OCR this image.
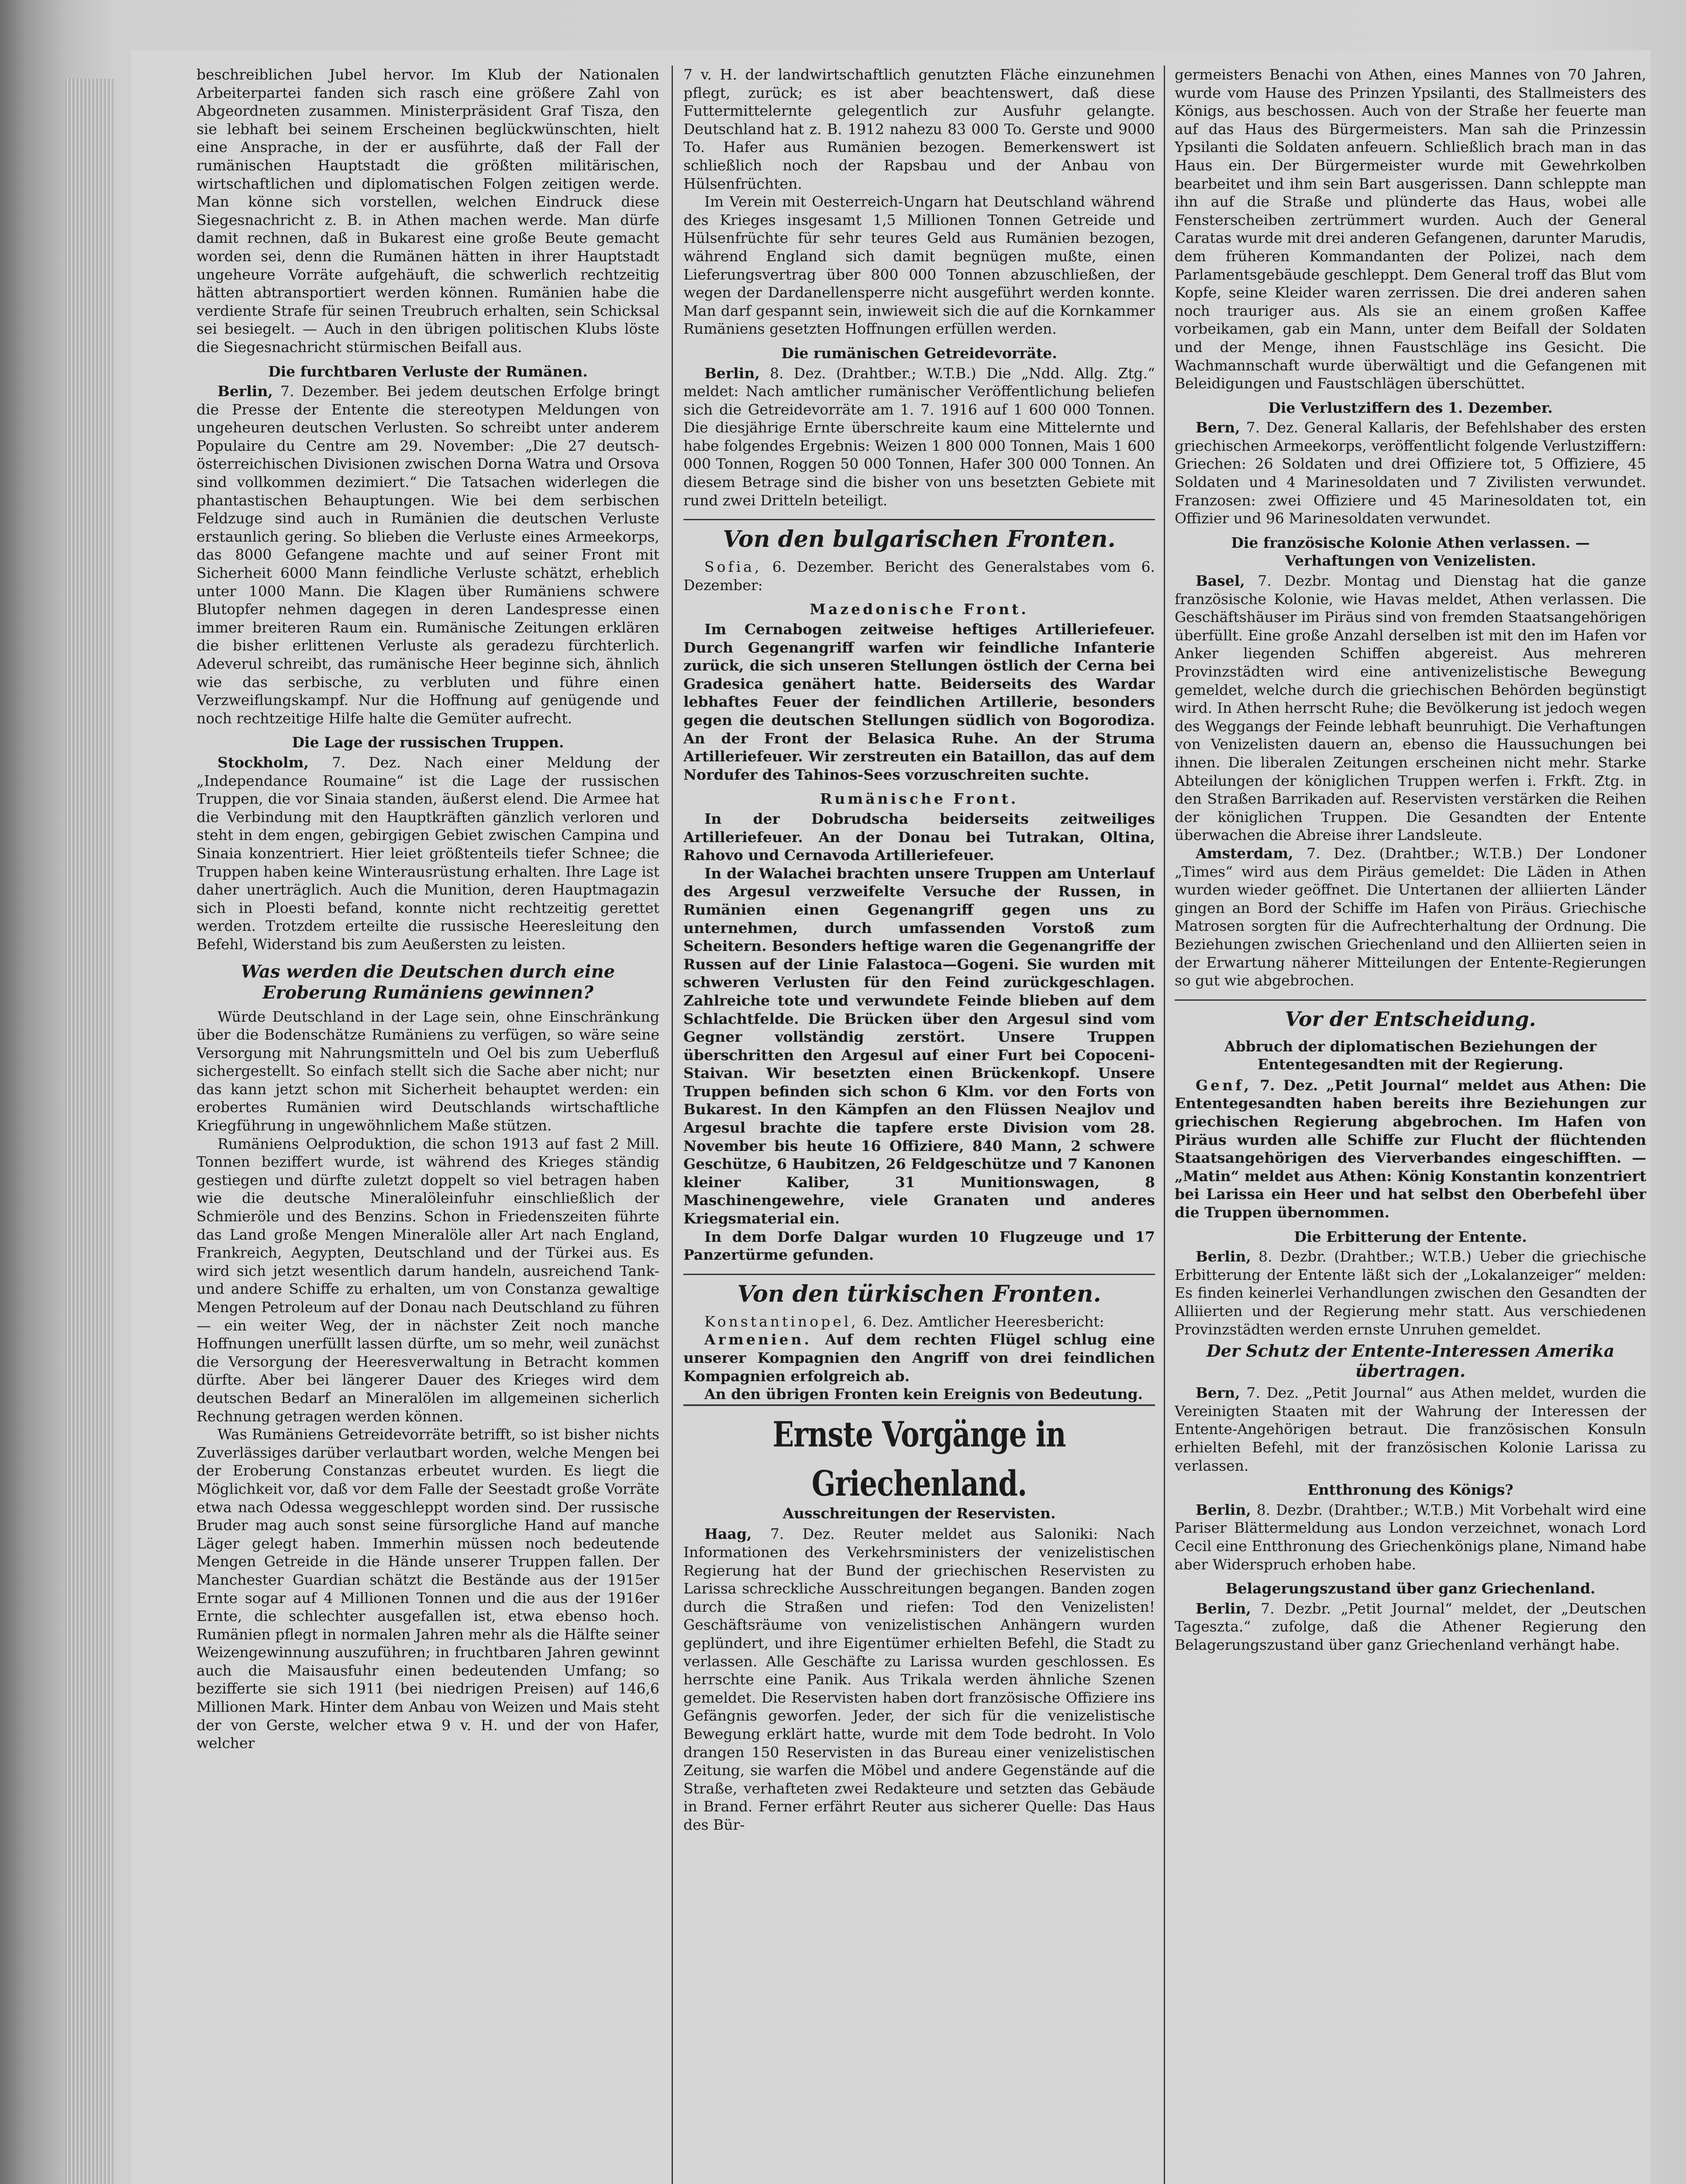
beschreiblichen Jubel hervor. Im Klub der Nationalen Arbeiterpartei fanden sich rasch eine größere Zahl von Abgeordneten zusammen. Ministerpräsident Graf Tisza, den sie lebhaft bei seinem Erscheinen beglückwünschten, hielt eine Ansprache, in der er ausführte, daß der Fall der rumänischen Hauptstadt die größten militärischen, wirtschaftlichen und diplomatischen Folgen zeitigen werde. Man könne sich vorstellen, welchen Eindruck diese Siegesnachricht z. B. in Athen machen werde. Man dürfe damit rechnen, daß in Bukarest eine große Beute gemacht worden sei, denn die Rumänen hätten in ihrer Hauptstadt ungeheure Vorräte aufgehäuft, die schwerlich rechtzeitig hätten abtransportiert werden können. Rumänien habe die verdiente Strafe für seinen Treubruch erhalten, sein Schicksal sei besiegelt. — Auch in den übrigen politischen Klubs löste die Siegesnachricht stürmischen Beifall aus.

Die furchtbaren Verluste der Rumänen.

Berlin, 7. Dezember. Bei jedem deutschen Erfolge bringt die Presse der Entente die stereotypen Meldungen von ungeheuren deutschen Verlusten. So schreibt unter anderem Populaire du Centre am 29. November: „Die 27 deutsch-österreichischen Divisionen zwischen Dorna Watra und Orsova sind vollkommen dezimiert.“ Die Tatsachen widerlegen die phantastischen Behauptungen. Wie bei dem serbischen Feldzuge sind auch in Rumänien die deutschen Verluste erstaunlich gering. So blieben die Verluste eines Armeekorps, das 8000 Gefangene machte und auf seiner Front mit Sicherheit 6000 Mann feindliche Verluste schätzt, erheblich unter 1000 Mann. Die Klagen über Rumäniens schwere Blutopfer nehmen dagegen in deren Landespresse einen immer breiteren Raum ein. Rumänische Zeitungen erklären die bisher erlittenen Verluste als geradezu fürchterlich. Adeverul schreibt, das rumänische Heer beginne sich, ähnlich wie das serbische, zu verbluten und führe einen Verzweiflungskampf. Nur die Hoffnung auf genügende und noch rechtzeitige Hilfe halte die Gemüter aufrecht.

Die Lage der russischen Truppen.

Stockholm, 7. Dez. Nach einer Meldung der „Independance Roumaine“ ist die Lage der russischen Truppen, die vor Sinaia standen, äußerst elend. Die Armee hat die Verbindung mit den Hauptkräften gänzlich verloren und steht in dem engen, gebirgigen Gebiet zwischen Campina und Sinaia konzentriert. Hier leiet größtenteils tiefer Schnee; die Truppen haben keine Winterausrüstung erhalten. Ihre Lage ist daher unerträglich. Auch die Munition, deren Hauptmagazin sich in Ploesti befand, konnte nicht rechtzeitig gerettet werden. Trotzdem erteilte die russische Heeresleitung den Befehl, Widerstand bis zum Aeußersten zu leisten.

Was werden die Deutschen durch eine Eroberung Rumäniens gewinnen?

Würde Deutschland in der Lage sein, ohne Einschränkung über die Bodenschätze Rumäniens zu verfügen, so wäre seine Versorgung mit Nahrungsmitteln und Oel bis zum Ueberfluß sichergestellt. So einfach stellt sich die Sache aber nicht; nur das kann jetzt schon mit Sicherheit behauptet werden: ein erobertes Rumänien wird Deutschlands wirtschaftliche Kriegführung in ungewöhnlichem Maße stützen.

Rumäniens Oelproduktion, die schon 1913 auf fast 2 Mill. Tonnen beziffert wurde, ist während des Krieges ständig gestiegen und dürfte zuletzt doppelt so viel betragen haben wie die deutsche Mineralöleinfuhr einschließlich der Schmieröle und des Benzins. Schon in Friedenszeiten führte das Land große Mengen Mineralöle aller Art nach England, Frankreich, Aegypten, Deutschland und der Türkei aus. Es wird sich jetzt wesentlich darum handeln, ausreichend Tank- und andere Schiffe zu erhalten, um von Constanza gewaltige Mengen Petroleum auf der Donau nach Deutschland zu führen — ein weiter Weg, der in nächster Zeit noch manche Hoffnungen unerfüllt lassen dürfte, um so mehr, weil zunächst die Versorgung der Heeresverwaltung in Betracht kommen dürfte. Aber bei längerer Dauer des Krieges wird dem deutschen Bedarf an Mineralölen im allgemeinen sicherlich Rechnung getragen werden können.

Was Rumäniens Getreidevorräte betrifft, so ist bisher nichts Zuverlässiges darüber verlautbart worden, welche Mengen bei der Eroberung Constanzas erbeutet wurden. Es liegt die Möglichkeit vor, daß vor dem Falle der Seestadt große Vorräte etwa nach Odessa weggeschleppt worden sind. Der russische Bruder mag auch sonst seine fürsorgliche Hand auf manche Läger gelegt haben. Immerhin müssen noch bedeutende Mengen Getreide in die Hände unserer Truppen fallen. Der Manchester Guardian schätzt die Bestände aus der 1915er Ernte sogar auf 4 Millionen Tonnen und die aus der 1916er Ernte, die schlechter ausgefallen ist, etwa ebenso hoch. Rumänien pflegt in normalen Jahren mehr als die Hälfte seiner Weizengewinnung auszuführen; in fruchtbaren Jahren gewinnt auch die Maisausfuhr einen bedeutenden Umfang; so bezifferte sie sich 1911 (bei niedrigen Preisen) auf 146,6 Millionen Mark. Hinter dem Anbau von Weizen und Mais steht der von Gerste, welcher etwa 9 v. H. und der von Hafer, welcher

7 v. H. der landwirtschaftlich genutzten Fläche einzunehmen pflegt, zurück; es ist aber beachtenswert, daß diese Futtermittelernte gelegentlich zur Ausfuhr gelangte. Deutschland hat z. B. 1912 nahezu 83 000 To. Gerste und 9000 To. Hafer aus Rumänien bezogen. Bemerkenswert ist schließlich noch der Rapsbau und der Anbau von Hülsenfrüchten.

Im Verein mit Oesterreich-Ungarn hat Deutschland während des Krieges insgesamt 1,5 Millionen Tonnen Getreide und Hülsenfrüchte für sehr teures Geld aus Rumänien bezogen, während England sich damit begnügen mußte, einen Lieferungsvertrag über 800 000 Tonnen abzuschließen, der wegen der Dardanellensperre nicht ausgeführt werden konnte. Man darf gespannt sein, inwieweit sich die auf die Kornkammer Rumäniens gesetzten Hoffnungen erfüllen werden.

Die rumänischen Getreidevorräte.

Berlin, 8. Dez. (Drahtber.; W.T.B.) Die „Ndd. Allg. Ztg.“ meldet: Nach amtlicher rumänischer Veröffentlichung beliefen sich die Getreidevorräte am 1. 7. 1916 auf 1 600 000 Tonnen. Die diesjährige Ernte überschreite kaum eine Mittelernte und habe folgendes Ergebnis: Weizen 1 800 000 Tonnen, Mais 1 600 000 Tonnen, Roggen 50 000 Tonnen, Hafer 300 000 Tonnen. An diesem Betrage sind die bisher von uns besetzten Gebiete mit rund zwei Dritteln beteiligt.

Von den bulgarischen Fronten.

Sofia, 6. Dezember. Bericht des Generalstabes vom 6. Dezember:

Mazedonische Front.

Im Cernabogen zeitweise heftiges Artilleriefeuer. Durch Gegenangriff warfen wir feindliche Infanterie zurück, die sich unseren Stellungen östlich der Cerna bei Gradesica genähert hatte. Beiderseits des Wardar lebhaftes Feuer der feindlichen Artillerie, besonders gegen die deutschen Stellungen südlich von Bogorodiza. An der Front der Belasica Ruhe. An der Struma Artilleriefeuer. Wir zerstreuten ein Bataillon, das auf dem Nordufer des Tahinos-Sees vorzuschreiten suchte.

Rumänische Front.

In der Dobrudscha beiderseits zeitweiliges Artilleriefeuer. An der Donau bei Tutrakan, Oltina, Rahovo und Cernavoda Artilleriefeuer.

In der Walachei brachten unsere Truppen am Unterlauf des Argesul verzweifelte Versuche der Russen, in Rumänien einen Gegenangriff gegen uns zu unternehmen, durch umfassenden Vorstoß zum Scheitern. Besonders heftige waren die Gegenangriffe der Russen auf der Linie Falastoca—Gogeni. Sie wurden mit schweren Verlusten für den Feind zurückgeschlagen. Zahlreiche tote und verwundete Feinde blieben auf dem Schlachtfelde. Die Brücken über den Argesul sind vom Gegner vollständig zerstört. Unsere Truppen überschritten den Argesul auf einer Furt bei Copoceni-Staivan. Wir besetzten einen Brückenkopf. Unsere Truppen befinden sich schon 6 Klm. vor den Forts von Bukarest. In den Kämpfen an den Flüssen Neajlov und Argesul brachte die tapfere erste Division vom 28. November bis heute 16 Offiziere, 840 Mann, 2 schwere Geschütze, 6 Haubitzen, 26 Feldgeschütze und 7 Kanonen kleiner Kaliber, 31 Munitionswagen, 8 Maschinengewehre, viele Granaten und anderes Kriegsmaterial ein.

In dem Dorfe Dalgar wurden 10 Flugzeuge und 17 Panzertürme gefunden.

Von den türkischen Fronten.

Konstantinopel, 6. Dez. Amtlicher Heeresbericht:

Armenien. Auf dem rechten Flügel schlug eine unserer Kompagnien den Angriff von drei feindlichen Kompagnien erfolgreich ab.

An den übrigen Fronten kein Ereignis von Bedeutung.

Ernste Vorgänge in Griechenland.
Ausschreitungen der Reservisten.

Haag, 7. Dez. Reuter meldet aus Saloniki: Nach Informationen des Verkehrsministers der venizelistischen Regierung hat der Bund der griechischen Reservisten zu Larissa schreckliche Ausschreitungen begangen. Banden zogen durch die Straßen und riefen: Tod den Venizelisten! Geschäftsräume von venizelistischen Anhängern wurden geplündert, und ihre Eigentümer erhielten Befehl, die Stadt zu verlassen. Alle Geschäfte zu Larissa wurden geschlossen. Es herrschte eine Panik. Aus Trikala werden ähnliche Szenen gemeldet. Die Reservisten haben dort französische Offiziere ins Gefängnis geworfen. Jeder, der sich für die venizelistische Bewegung erklärt hatte, wurde mit dem Tode bedroht. In Volo drangen 150 Reservisten in das Bureau einer venizelistischen Zeitung, sie warfen die Möbel und andere Gegenstände auf die Straße, verhafteten zwei Redakteure und setzten das Gebäude in Brand. Ferner erfährt Reuter aus sicherer Quelle: Das Haus des Bür-

germeisters Benachi von Athen, eines Mannes von 70 Jahren, wurde vom Hause des Prinzen Ypsilanti, des Stallmeisters des Königs, aus beschossen. Auch von der Straße her feuerte man auf das Haus des Bürgermeisters. Man sah die Prinzessin Ypsilanti die Soldaten anfeuern. Schließlich brach man in das Haus ein. Der Bürgermeister wurde mit Gewehrkolben bearbeitet und ihm sein Bart ausgerissen. Dann schleppte man ihn auf die Straße und plünderte das Haus, wobei alle Fensterscheiben zertrümmert wurden. Auch der General Caratas wurde mit drei anderen Gefangenen, darunter Marudis, dem früheren Kommandanten der Polizei, nach dem Parlamentsgebäude geschleppt. Dem General troff das Blut vom Kopfe, seine Kleider waren zerrissen. Die drei anderen sahen noch trauriger aus. Als sie an einem großen Kaffee vorbeikamen, gab ein Mann, unter dem Beifall der Soldaten und der Menge, ihnen Faustschläge ins Gesicht. Die Wachmannschaft wurde überwältigt und die Gefangenen mit Beleidigungen und Faustschlägen überschüttet.

Die Verlustziffern des 1. Dezember.

Bern, 7. Dez. General Kallaris, der Befehlshaber des ersten griechischen Armeekorps, veröffentlicht folgende Verlustziffern: Griechen: 26 Soldaten und drei Offiziere tot, 5 Offiziere, 45 Soldaten und 4 Marinesoldaten und 7 Zivilisten verwundet. Franzosen: zwei Offiziere und 45 Marinesoldaten tot, ein Offizier und 96 Marinesoldaten verwundet.

Die französische Kolonie Athen verlassen. — Verhaftungen von Venizelisten.

Basel, 7. Dezbr. Montag und Dienstag hat die ganze französische Kolonie, wie Havas meldet, Athen verlassen. Die Geschäftshäuser im Piräus sind von fremden Staatsangehörigen überfüllt. Eine große Anzahl derselben ist mit den im Hafen vor Anker liegenden Schiffen abgereist. Aus mehreren Provinzstädten wird eine antivenizelistische Bewegung gemeldet, welche durch die griechischen Behörden begünstigt wird. In Athen herrscht Ruhe; die Bevölkerung ist jedoch wegen des Weggangs der Feinde lebhaft beunruhigt. Die Verhaftungen von Venizelisten dauern an, ebenso die Haussuchungen bei ihnen. Die liberalen Zeitungen erscheinen nicht mehr. Starke Abteilungen der königlichen Truppen werfen i. Frkft. Ztg. in den Straßen Barrikaden auf. Reservisten verstärken die Reihen der königlichen Truppen. Die Gesandten der Entente überwachen die Abreise ihrer Landsleute.

Amsterdam, 7. Dez. (Drahtber.; W.T.B.) Der Londoner „Times“ wird aus dem Piräus gemeldet: Die Läden in Athen wurden wieder geöffnet. Die Untertanen der alliierten Länder gingen an Bord der Schiffe im Hafen von Piräus. Griechische Matrosen sorgten für die Aufrechterhaltung der Ordnung. Die Beziehungen zwischen Griechenland und den Alliierten seien in der Erwartung näherer Mitteilungen der Entente-Regierungen so gut wie abgebrochen.

Vor der Entscheidung.
Abbruch der diplomatischen Beziehungen der Ententegesandten mit der Regierung.

Genf, 7. Dez. „Petit Journal“ meldet aus Athen: Die Ententegesandten haben bereits ihre Beziehungen zur griechischen Regierung abgebrochen. Im Hafen von Piräus wurden alle Schiffe zur Flucht der flüchtenden Staatsangehörigen des Vierverbandes eingeschifften. — „Matin“ meldet aus Athen: König Konstantin konzentriert bei Larissa ein Heer und hat selbst den Oberbefehl über die Truppen übernommen.

Die Erbitterung der Entente.

Berlin, 8. Dezbr. (Drahtber.; W.T.B.) Ueber die griechische Erbitterung der Entente läßt sich der „Lokalanzeiger“ melden: Es finden keinerlei Verhandlungen zwischen den Gesandten der Alliierten und der Regierung mehr statt. Aus verschiedenen Provinzstädten werden ernste Unruhen gemeldet.

Der Schutz der Entente-Interessen Amerika übertragen.

Bern, 7. Dez. „Petit Journal“ aus Athen meldet, wurden die Vereinigten Staaten mit der Wahrung der Interessen der Entente-Angehörigen betraut. Die französischen Konsuln erhielten Befehl, mit der französischen Kolonie Larissa zu verlassen.

Entthronung des Königs?

Berlin, 8. Dezbr. (Drahtber.; W.T.B.) Mit Vorbehalt wird eine Pariser Blättermeldung aus London verzeichnet, wonach Lord Cecil eine Entthronung des Griechenkönigs plane, Nimand habe aber Widerspruch erhoben habe.

Belagerungszustand über ganz Griechenland.

Berlin, 7. Dezbr. „Petit Journal“ meldet, der „Deutschen Tageszta.“ zufolge, daß die Athener Regierung den Belagerungszustand über ganz Griechenland verhängt habe.
